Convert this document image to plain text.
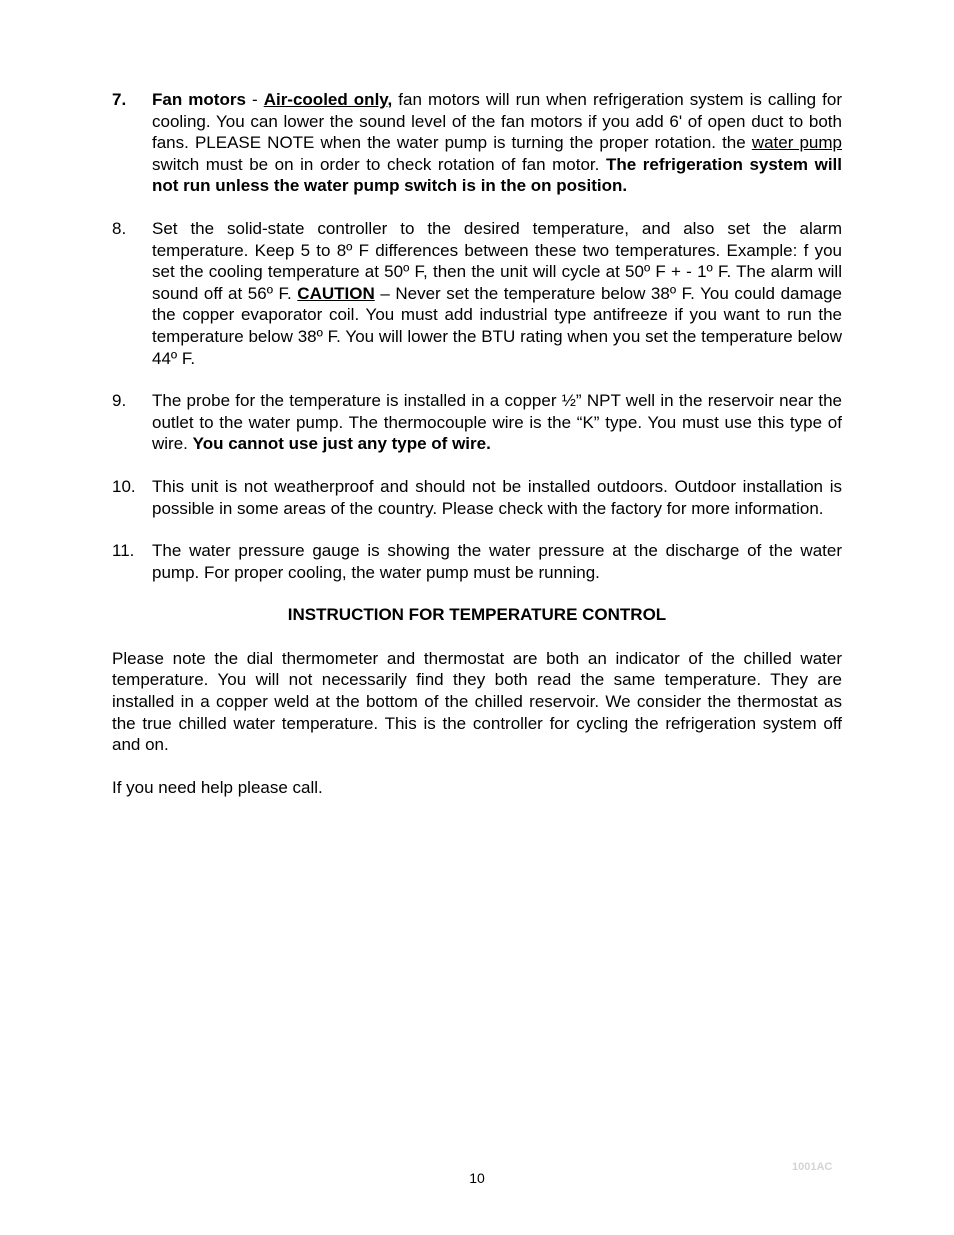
7.	Fan motors - Air-cooled only, fan motors will run when refrigeration system is calling for cooling. You can lower the sound level of the fan motors if you add 6' of open duct to both fans. PLEASE NOTE when the water pump is turning the proper rotation. the water pump switch must be on in order to check rotation of fan motor. The refrigeration system will not run unless the water pump switch is in the on position.
8.	Set the solid-state controller to the desired temperature, and also set the alarm temperature. Keep 5 to 8º F differences between these two temperatures. Example: f you set the cooling temperature at 50º F, then the unit will cycle at 50º F + - 1º F. The alarm will sound off at 56º F. CAUTION – Never set the temperature below 38º F. You could damage the copper evaporator coil. You must add industrial type antifreeze if you want to run the temperature below 38º F. You will lower the BTU rating when you set the temperature below 44º F.
9.	The probe for the temperature is installed in a copper ½” NPT well in the reservoir near the outlet to the water pump. The thermocouple wire is the “K” type. You must use this type of wire. You cannot use just any type of wire.
10. This unit is not weatherproof and should not be installed outdoors. Outdoor installation is possible in some areas of the country. Please check with the factory for more information.
11.	The water pressure gauge is showing the water pressure at the discharge of the water pump. For proper cooling, the water pump must be running.
INSTRUCTION FOR TEMPERATURE CONTROL
Please note the dial thermometer and thermostat are both an indicator of the chilled water temperature. You will not necessarily find they both read the same temperature. They are installed in a copper weld at the bottom of the chilled reservoir. We consider the thermostat as the true chilled water temperature. This is the controller for cycling the refrigeration system off and on.
If you need help please call.
10
1001AC
